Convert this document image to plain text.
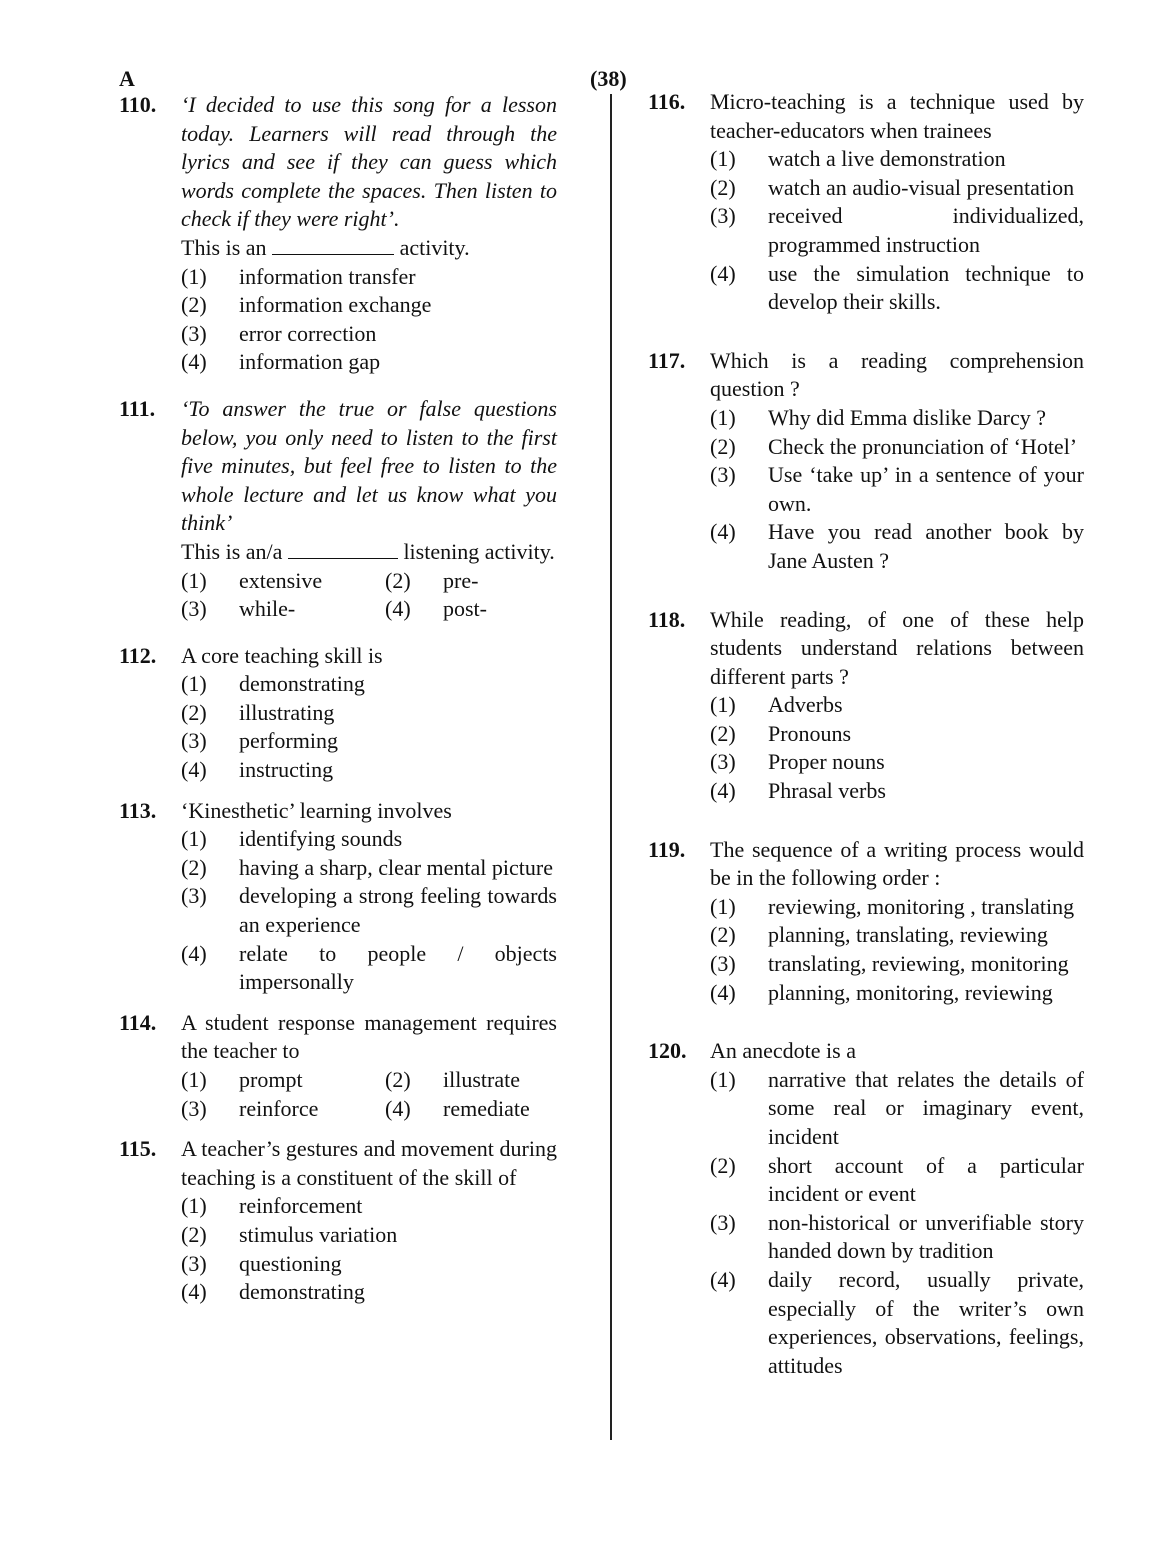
A	(38)
110. ‘I decided to use this song for a lesson today. Learners will read through the lyrics and see if they can guess which words complete the spaces. Then listen to check if they were right’.
This is an	activity.
(1) information transfer
(2) information exchange
(3) error correction
(4) information gap
111. ‘To answer the true or false questions below, you only need to listen to the first five minutes, but feel free to listen to the whole lecture and let us know what you think’
This is an/a	listening activity.
(1) extensive	(2) pre-
(3) while-	(4) post-
112. A core teaching skill is
(1) demonstrating
(2) illustrating
(3) performing
(4) instructing
113. ‘Kinesthetic’ learning involves
(1) identifying sounds
(2) having a sharp, clear mental picture
(3) developing a strong feeling towards an experience
(4) relate to people / objects impersonally
114. A student response management requires the teacher to
(1) prompt	(2) illustrate
(3) reinforce	(4) remediate
115. A teacher’s gestures and movement during teaching is a constituent of the skill of
(1) reinforcement
(2) stimulus variation
(3) questioning
(4) demonstrating
116. Micro-teaching is a technique used by teacher-educators when trainees
(1) watch a live demonstration
(2) watch an audio-visual presentation
(3) received individualized, programmed instruction
(4) use the simulation technique to develop their skills.
117. Which is a reading comprehension question ?
(1) Why did Emma dislike Darcy ?
(2) Check the pronunciation of ‘Hotel’
(3) Use ‘take up’ in a sentence of your own.
(4) Have you read another book by Jane Austen ?
118. While reading, of one of these help students understand relations between different parts ?
(1) Adverbs
(2) Pronouns
(3) Proper nouns
(4) Phrasal verbs
119. The sequence of a writing process would be in the following order :
(1) reviewing, monitoring , translating
(2) planning, translating, reviewing
(3) translating, reviewing, monitoring
(4) planning, monitoring, reviewing
120. An anecdote is a
(1) narrative that relates the details of some real or imaginary event, incident
(2) short account of a particular incident or event
(3) non-historical or unverifiable story handed down by tradition
(4) daily record, usually private, especially of the writer’s own experiences, observations, feelings, attitudes
